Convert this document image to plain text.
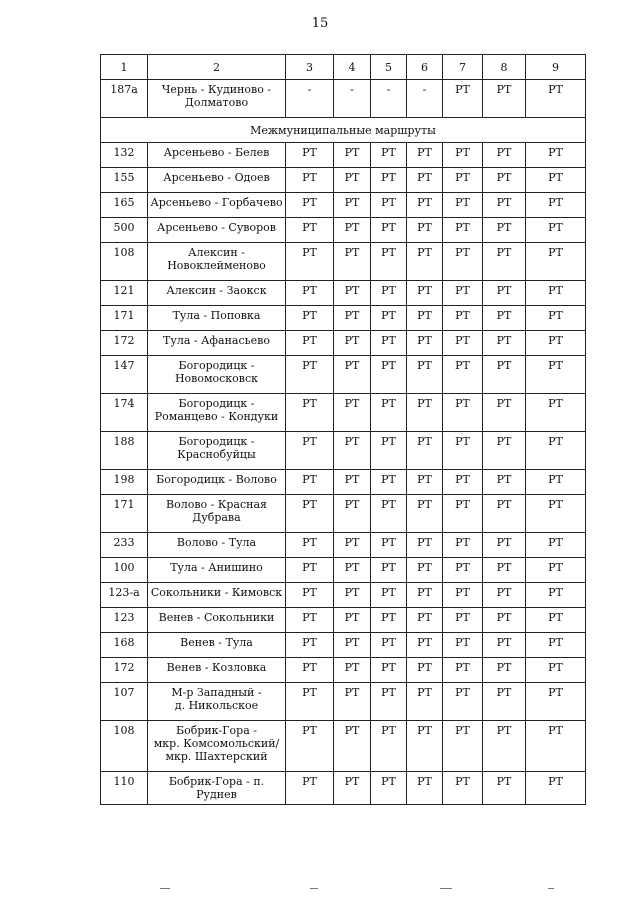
15
1	2	3	4	5	6	7	8	9
187а	Чернь - Кудиново -
Долматово	-	-	-	-	РТ	РТ	РТ
Межмуниципальные маршруты								
132	Арсеньево - Белев	РТ	РТ	РТ	РТ	РТ	РТ	РТ
155	Арсеньево - Одоев	РТ	РТ	РТ	РТ	РТ	РТ	РТ
165	Арсеньево - Горбачево	РТ	РТ	РТ	РТ	РТ	РТ	РТ
500	Арсеньево - Суворов	РТ	РТ	РТ	РТ	РТ	РТ	РТ
108	Алексин -
Новоклейменово	РТ	РТ	РТ	РТ	РТ	РТ	РТ
121	Алексин - Заокск	РТ	РТ	РТ	РТ	РТ	РТ	РТ
171	Тула - Поповка	РТ	РТ	РТ	РТ	РТ	РТ	РТ
172	Тула - Афанасьево	РТ	РТ	РТ	РТ	РТ	РТ	РТ
147	Богородицк -
Новомосковск	РТ	РТ	РТ	РТ	РТ	РТ	РТ
174	Богородицк -
Романцево - Кондуки	РТ	РТ	РТ	РТ	РТ	РТ	РТ
188	Богородицк -
Краснобуйцы	РТ	РТ	РТ	РТ	РТ	РТ	РТ
198	Богородицк - Волово	РТ	РТ	РТ	РТ	РТ	РТ	РТ
171	Волово - Красная
Дубрава	РТ	РТ	РТ	РТ	РТ	РТ	РТ
233	Волово - Тула	РТ	РТ	РТ	РТ	РТ	РТ	РТ
100	Тула - Анишино	РТ	РТ	РТ	РТ	РТ	РТ	РТ
123-а	Сокольники - Кимовск	РТ	РТ	РТ	РТ	РТ	РТ	РТ
123	Венев - Сокольники	РТ	РТ	РТ	РТ	РТ	РТ	РТ
168	Венев - Тула	РТ	РТ	РТ	РТ	РТ	РТ	РТ
172	Венев - Козловка	РТ	РТ	РТ	РТ	РТ	РТ	РТ
107	М-р Западный -
д. Никольское	РТ	РТ	РТ	РТ	РТ	РТ	РТ
108	Бобрик-Гора -
мкр. Комсомольский/
мкр. Шахтерский	РТ	РТ	РТ	РТ	РТ	РТ	РТ
110	Бобрик-Гора - п. Руднев	РТ	РТ	РТ	РТ	РТ	РТ	РТ
